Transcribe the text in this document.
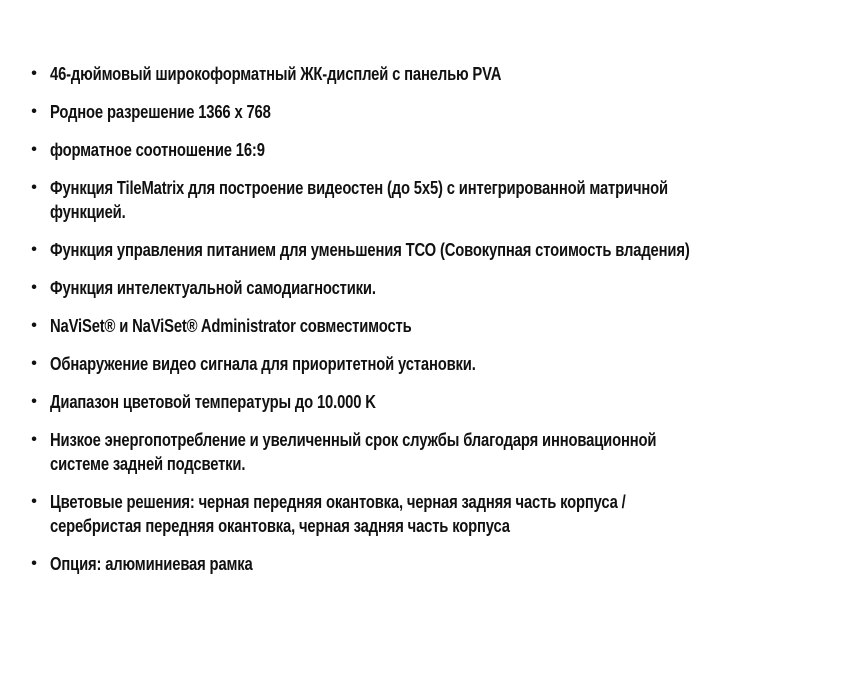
• 46-дюймовый широкоформатный ЖК-дисплей с панелью PVA
• Родное разрешение 1366 x 768
• форматное соотношение 16:9
• Функция TileMatrix для построение видеостен (до 5x5) с интегрированной матричной
функцией.
• Функция управления питанием для уменьшения ТСО (Совокупная стоимость владения)
• Функция интелектуальной самодиагностики.
• NaViSet® и NaViSet® Administrator совместимость
• Обнаружение видео сигнала для приоритетной установки.
• Диапазон цветовой температуры до 10.000 K
• Низкое энергопотребление и увеличенный срок службы благодаря инновационной
системе задней подсветки.
• Цветовые решения: черная передняя окантовка, черная задняя часть корпуса /
серебристая передняя окантовка, черная задняя часть корпуса
• Опция: алюминиевая рамка
